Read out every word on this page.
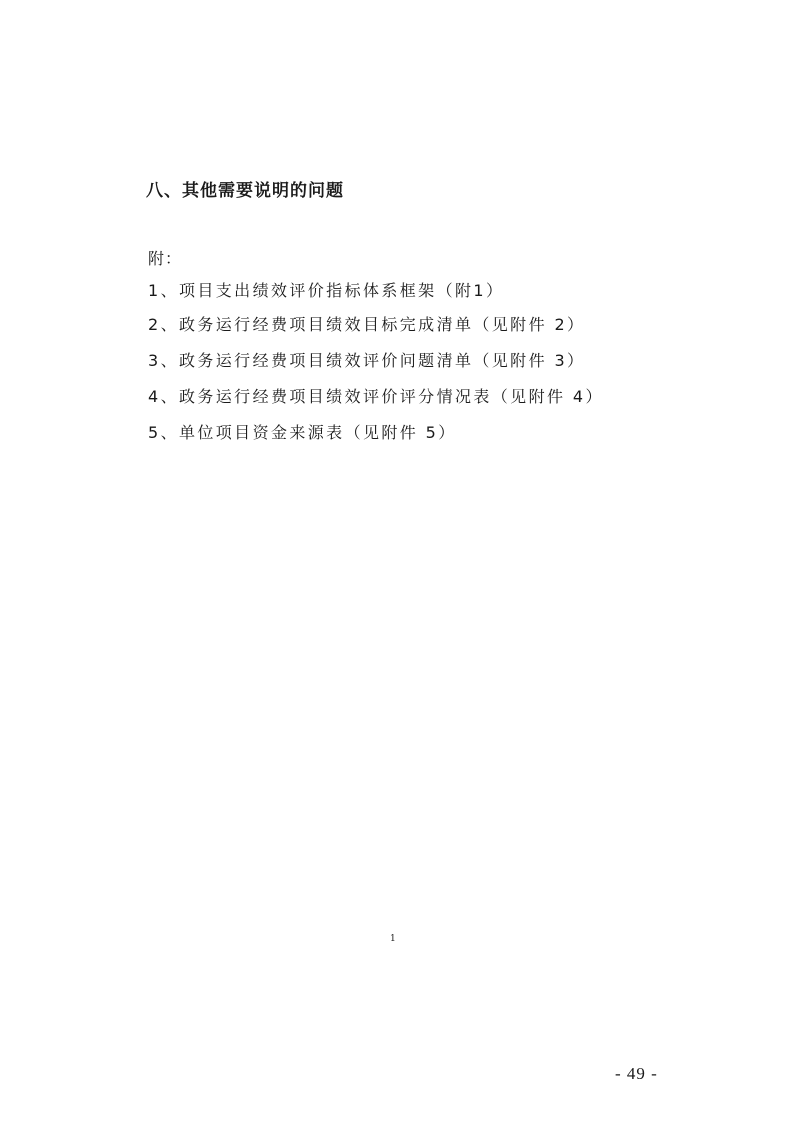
八、其他需要说明的问题
附：
1、项目支出绩效评价指标体系框架（附1）
2、政务运行经费项目绩效目标完成清单（见附件 2）
3、政务运行经费项目绩效评价问题清单（见附件 3）
4、政务运行经费项目绩效评价评分情况表（见附件 4）
5、单位项目资金来源表（见附件 5）
1
- 49 -
